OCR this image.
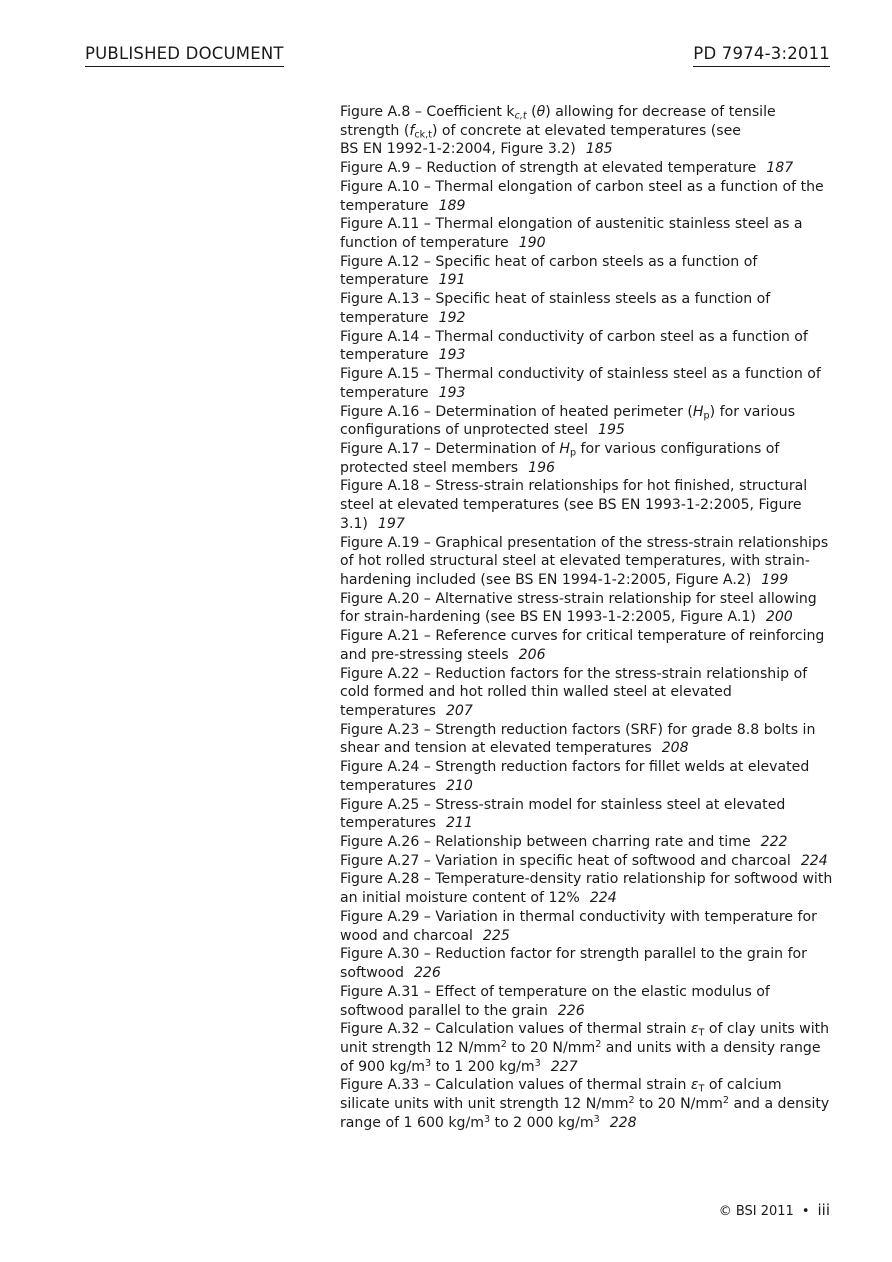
PUBLISHED DOCUMENT	PD 7974-3:2011

Figure A.8 – Coefficient $k_{c,t}$ (θ) allowing for decrease of tensile
strength $(f_{ck,t})$ of concrete at elevated temperatures (see
BS EN 1992-1-2:2004, Figure 3.2) 185

Figure A.9 – Reduction of strength at elevated temperature 187

Figure A.10 – Thermal elongation of carbon steel as a function of the temperature 189

Figure A.11 – Thermal elongation of austenitic stainless steel as a function of temperature 190

Figure A.12 – Specific heat of carbon steels as a function of temperature 191

Figure A.13 – Specific heat of stainless steels as a function of temperature 192

Figure A.14 – Thermal conductivity of carbon steel as a function of temperature 193

Figure A.15 – Thermal conductivity of stainless steel as a function of temperature 193

Figure A.16 – Determination of heated perimeter $(H_p)$ for various configurations of unprotected steel 195

Figure A.17 – Determination of $H_p$ for various configurations of protected steel members 196

Figure A.18 – Stress-strain relationships for hot finished, structural steel at elevated temperatures (see BS EN 1993-1-2:2005, Figure 3.1) 197

Figure A.19 – Graphical presentation of the stress-strain relationships of hot rolled structural steel at elevated temperatures, with strain-hardening included (see BS EN 1994-1-2:2005, Figure A.2) 199

Figure A.20 – Alternative stress-strain relationship for steel allowing for strain-hardening (see BS EN 1993-1-2:2005, Figure A.1) 200

Figure A.21 – Reference curves for critical temperature of reinforcing and pre-stressing steels 206

Figure A.22 – Reduction factors for the stress-strain relationship of cold formed and hot rolled thin walled steel at elevated temperatures 207

Figure A.23 – Strength reduction factors (SRF) for grade 8.8 bolts in shear and tension at elevated temperatures 208

Figure A.24 – Strength reduction factors for fillet welds at elevated temperatures 210

Figure A.25 – Stress-strain model for stainless steel at elevated temperatures 211

Figure A.26 – Relationship between charring rate and time 222

Figure A.27 – Variation in specific heat of softwood and charcoal 224

Figure A.28 – Temperature-density ratio relationship for softwood with an initial moisture content of 12% 224

Figure A.29 – Variation in thermal conductivity with temperature for wood and charcoal 225

Figure A.30 – Reduction factor for strength parallel to the grain for softwood 226

Figure A.31 – Effect of temperature on the elastic modulus of softwood parallel to the grain 226

Figure A.32 – Calculation values of thermal strain $\varepsilon_T$ of clay units with unit strength 12 $N/mm^2$ to 20 $N/mm^2$ and units with a density range of 900 $kg/m^3$ to 1 200 $kg/m^3$ 227

Figure A.33 – Calculation values of thermal strain $\varepsilon_T$ of calcium silicate units with unit strength 12 $N/mm^2$ to 20 $N/mm^2$ and a density range of 1 600 $kg/m^3$ to 2 000 $kg/m^3$ 228

© BSI 2011 • iii
